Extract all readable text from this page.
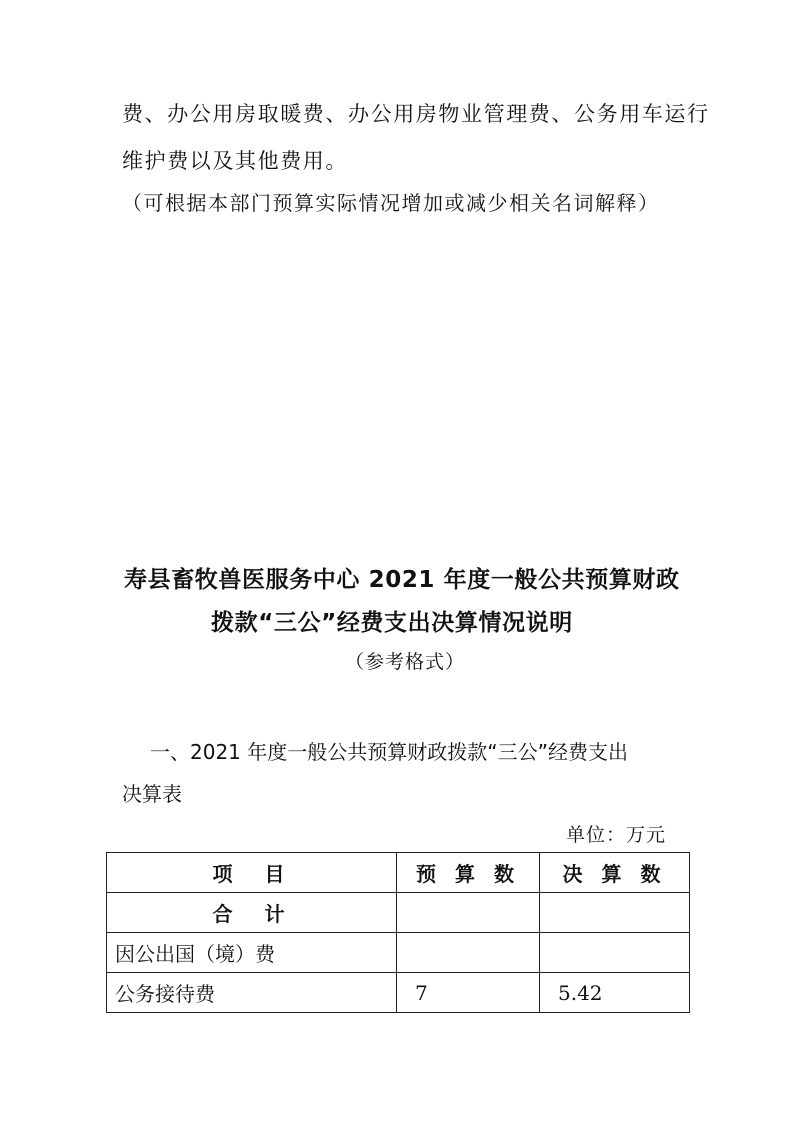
费、办公用房取暖费、办公用房物业管理费、公务用车运行
维护费以及其他费用。
（可根据本部门预算实际情况增加或减少相关名词解释）
寿县畜牧兽医服务中心 2021 年度一般公共预算财政
拨款“三公”经费支出决算情况说明
（参考格式）
一、2021 年度一般公共预算财政拨款“三公”经费支出
决算表
单位：万元
项　目	预 算 数	决 算 数
合　计		
因公出国（境）费		
公务接待费	7	5.42
